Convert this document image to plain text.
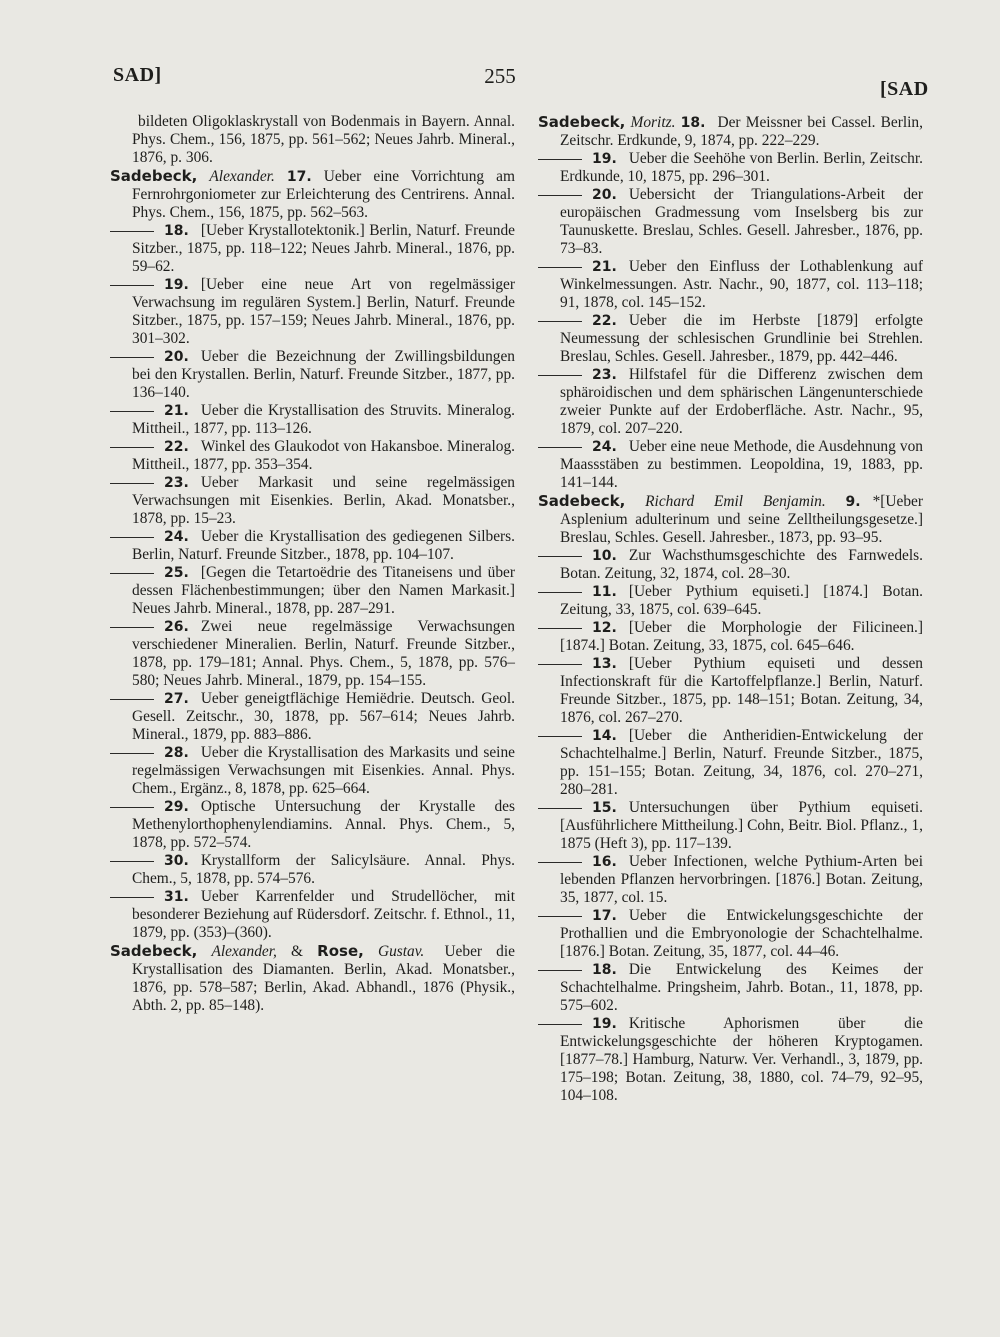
SAD]	255
[SAD

bildeten Oligoklaskrystall von Bodenmais in Bayern. Annal. Phys. Chem., 156, 1875, pp. 561–562; Neues Jahrb. Mineral., 1876, p. 306.

Sadebeck, Alexander. 17. Ueber eine Vorrichtung am Fernrohrgoniometer zur Erleichterung des Centrirens. Annal. Phys. Chem., 156, 1875, pp. 562–563.

18. [Ueber Krystallotektonik.] Berlin, Naturf. Freunde Sitzber., 1875, pp. 118–122; Neues Jahrb. Mineral., 1876, pp. 59–62.

19. [Ueber eine neue Art von regelmässiger Verwachsung im regulären System.] Berlin, Naturf. Freunde Sitzber., 1875, pp. 157–159; Neues Jahrb. Mineral., 1876, pp. 301–302.

20. Ueber die Bezeichnung der Zwillingsbildungen bei den Krystallen. Berlin, Naturf. Freunde Sitzber., 1877, pp. 136–140.

21. Ueber die Krystallisation des Struvits. Mineralog. Mittheil., 1877, pp. 113–126.

22. Winkel des Glaukodot von Hakansboe. Mineralog. Mittheil., 1877, pp. 353–354.

23. Ueber Markasit und seine regelmässigen Verwachsungen mit Eisenkies. Berlin, Akad. Monatsber., 1878, pp. 15–23.

24. Ueber die Krystallisation des gediegenen Silbers. Berlin, Naturf. Freunde Sitzber., 1878, pp. 104–107.

25. [Gegen die Tetartoëdrie des Titaneisens und über dessen Flächenbestimmungen; über den Namen Markasit.] Neues Jahrb. Mineral., 1878, pp. 287–291.

26. Zwei neue regelmässige Verwachsungen verschiedener Mineralien. Berlin, Naturf. Freunde Sitzber., 1878, pp. 179–181; Annal. Phys. Chem., 5, 1878, pp. 576–580; Neues Jahrb. Mineral., 1879, pp. 154–155.

27. Ueber geneigtflächige Hemiëdrie. Deutsch. Geol. Gesell. Zeitschr., 30, 1878, pp. 567–614; Neues Jahrb. Mineral., 1879, pp. 883–886.

28. Ueber die Krystallisation des Markasits und seine regelmässigen Verwachsungen mit Eisenkies. Annal. Phys. Chem., Ergänz., 8, 1878, pp. 625–664.

29. Optische Untersuchung der Krystalle des Methenylorthophenylendiamins. Annal. Phys. Chem., 5, 1878, pp. 572–574.

30. Krystallform der Salicylsäure. Annal. Phys. Chem., 5, 1878, pp. 574–576.

31. Ueber Karrenfelder und Strudellöcher, mit besonderer Beziehung auf Rüdersdorf. Zeitschr. f. Ethnol., 11, 1879, pp. (353)–(360).

Sadebeck, Alexander, & Rose, Gustav. Ueber die Krystallisation des Diamanten. Berlin, Akad. Monatsber., 1876, pp. 578–587; Berlin, Akad. Abhandl., 1876 (Physik., Abth. 2, pp. 85–148).

Sadebeck, Moritz. 18. Der Meissner bei Cassel. Berlin, Zeitschr. Erdkunde, 9, 1874, pp. 222–229.

19. Ueber die Seehöhe von Berlin. Berlin, Zeitschr. Erdkunde, 10, 1875, pp. 296–301.

20. Uebersicht der Triangulations-Arbeit der europäischen Gradmessung vom Inselsberg bis zur Taunuskette. Breslau, Schles. Gesell. Jahresber., 1876, pp. 73–83.

21. Ueber den Einfluss der Lothablenkung auf Winkelmessungen. Astr. Nachr., 90, 1877, col. 113–118; 91, 1878, col. 145–152.

22. Ueber die im Herbste [1879] erfolgte Neumessung der schlesischen Grundlinie bei Strehlen. Breslau, Schles. Gesell. Jahresber., 1879, pp. 442–446.

23. Hilfstafel für die Differenz zwischen dem sphäroidischen und dem sphärischen Längenunterschiede zweier Punkte auf der Erdoberfläche. Astr. Nachr., 95, 1879, col. 207–220.

24. Ueber eine neue Methode, die Ausdehnung von Maassstäben zu bestimmen. Leopoldina, 19, 1883, pp. 141–144.

Sadebeck, Richard Emil Benjamin. 9. *[Ueber Asplenium adulterinum und seine Zelltheilungsgesetze.] Breslau, Schles. Gesell. Jahresber., 1873, pp. 93–95.

10. Zur Wachsthumsgeschichte des Farnwedels. Botan. Zeitung, 32, 1874, col. 28–30.

11. [Ueber Pythium equiseti.] [1874.] Botan. Zeitung, 33, 1875, col. 639–645.

12. [Ueber die Morphologie der Filicineen.] [1874.] Botan. Zeitung, 33, 1875, col. 645–646.

13. [Ueber Pythium equiseti und dessen Infectionskraft für die Kartoffelpflanze.] Berlin, Naturf. Freunde Sitzber., 1875, pp. 148–151; Botan. Zeitung, 34, 1876, col. 267–270.

14. [Ueber die Antheridien-Entwickelung der Schachtelhalme.] Berlin, Naturf. Freunde Sitzber., 1875, pp. 151–155; Botan. Zeitung, 34, 1876, col. 270–271, 280–281.

15. Untersuchungen über Pythium equiseti. [Ausführlichere Mittheilung.] Cohn, Beitr. Biol. Pflanz., 1, 1875 (Heft 3), pp. 117–139.

16. Ueber Infectionen, welche Pythium-Arten bei lebenden Pflanzen hervorbringen. [1876.] Botan. Zeitung, 35, 1877, col. 15.

17. Ueber die Entwickelungsgeschichte der Prothallien und die Embryonologie der Schachtelhalme. [1876.] Botan. Zeitung, 35, 1877, col. 44–46.

18. Die Entwickelung des Keimes der Schachtelhalme. Pringsheim, Jahrb. Botan., 11, 1878, pp. 575–602.

19. Kritische Aphorismen über die Entwickelungsgeschichte der höheren Kryptogamen. [1877–78.] Hamburg, Naturw. Ver. Verhandl., 3, 1879, pp. 175–198; Botan. Zeitung, 38, 1880, col. 74–79, 92–95, 104–108.
